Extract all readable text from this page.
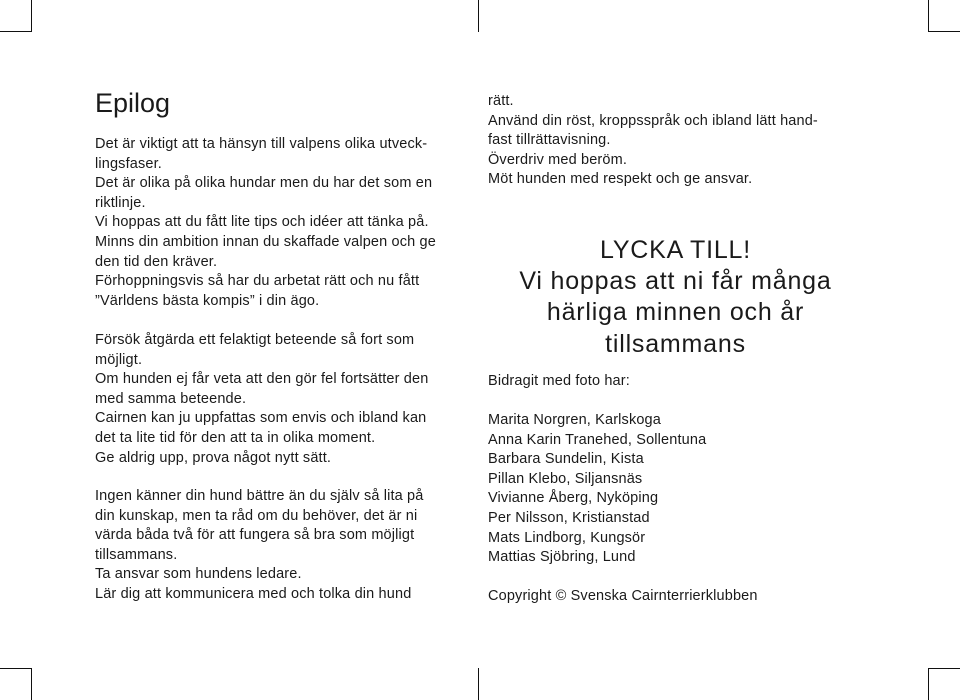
Epilog
Det är viktigt att ta hänsyn till valpens olika utveck-
lingsfaser.
Det är olika på olika hundar men du har det som en
riktlinje.
Vi hoppas att du fått lite tips och idéer att tänka på.
Minns din ambition innan du skaffade valpen och ge
den tid den kräver.
Förhoppningsvis så har du arbetat rätt och nu fått
”Världens bästa kompis” i din ägo.
Försök åtgärda ett felaktigt beteende så fort som
möjligt.
Om hunden ej får veta att den gör fel fortsätter den
med samma beteende.
Cairnen kan ju uppfattas som envis och ibland kan
det ta lite tid för den att ta in olika moment.
Ge aldrig upp, prova något nytt sätt.
Ingen känner din hund bättre än du själv så lita på
din kunskap, men ta råd om du behöver, det är ni
värda båda två för att fungera så bra som möjligt
tillsammans.
Ta ansvar som hundens ledare.
Lär dig att kommunicera med och tolka din hund
rätt.
Använd din röst, kroppsspråk och ibland lätt hand-
fast tillrättavisning.
Överdriv med beröm.
Möt hunden med respekt och ge ansvar.
LYCKA TILL!
Vi hoppas att ni får många
härliga minnen och år
tillsammans
Bidragit med foto har:
Marita Norgren, Karlskoga
Anna Karin Tranehed, Sollentuna
Barbara Sundelin, Kista
Pillan Klebo, Siljansnäs
Vivianne Åberg, Nyköping
Per Nilsson, Kristianstad
Mats Lindborg, Kungsör
Mattias Sjöbring, Lund
Copyright © Svenska Cairnterrierklubben
